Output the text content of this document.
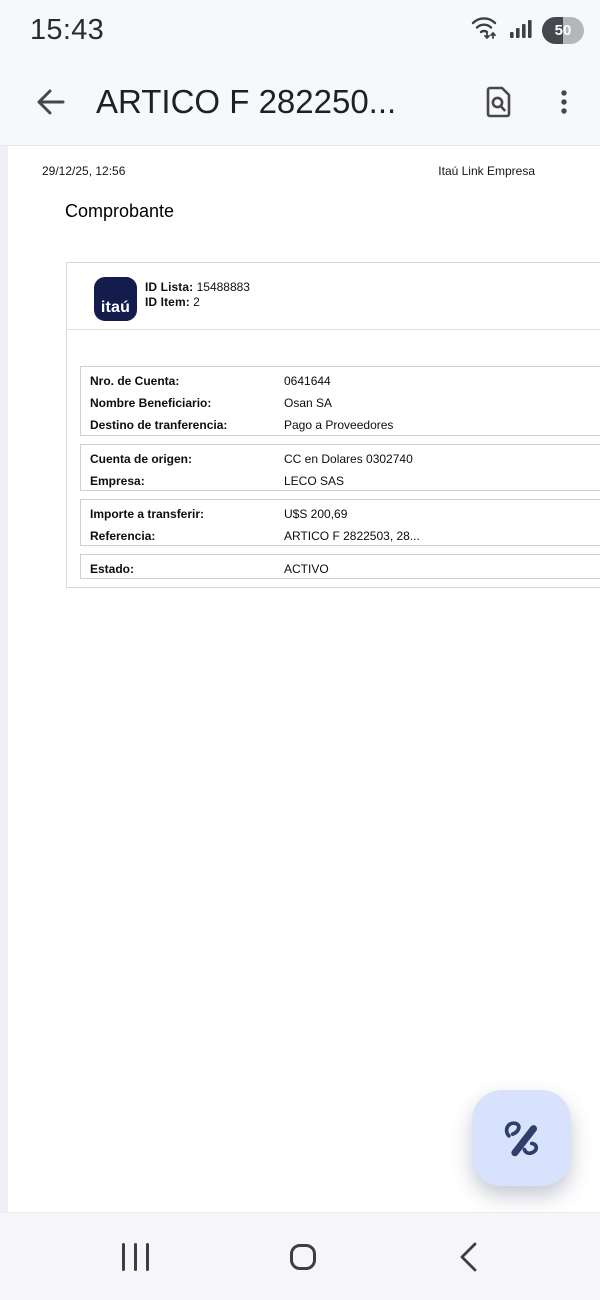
15:43	50
ARTICO F 282250...
29/12/25, 12:56	Itaú Link Empresa
Comprobante
itaú
ID Lista: 15488883
ID Item: 2
Nro. de Cuenta:	0641644
Nombre Beneficiario:	Osan SA
Destino de tranferencia:	Pago a Proveedores
Cuenta de origen:	CC en Dolares 0302740
Empresa:	LECO SAS
Importe a transferir:	U$S 200,69
Referencia:	ARTICO F 2822503, 28...
Estado:	ACTIVO
